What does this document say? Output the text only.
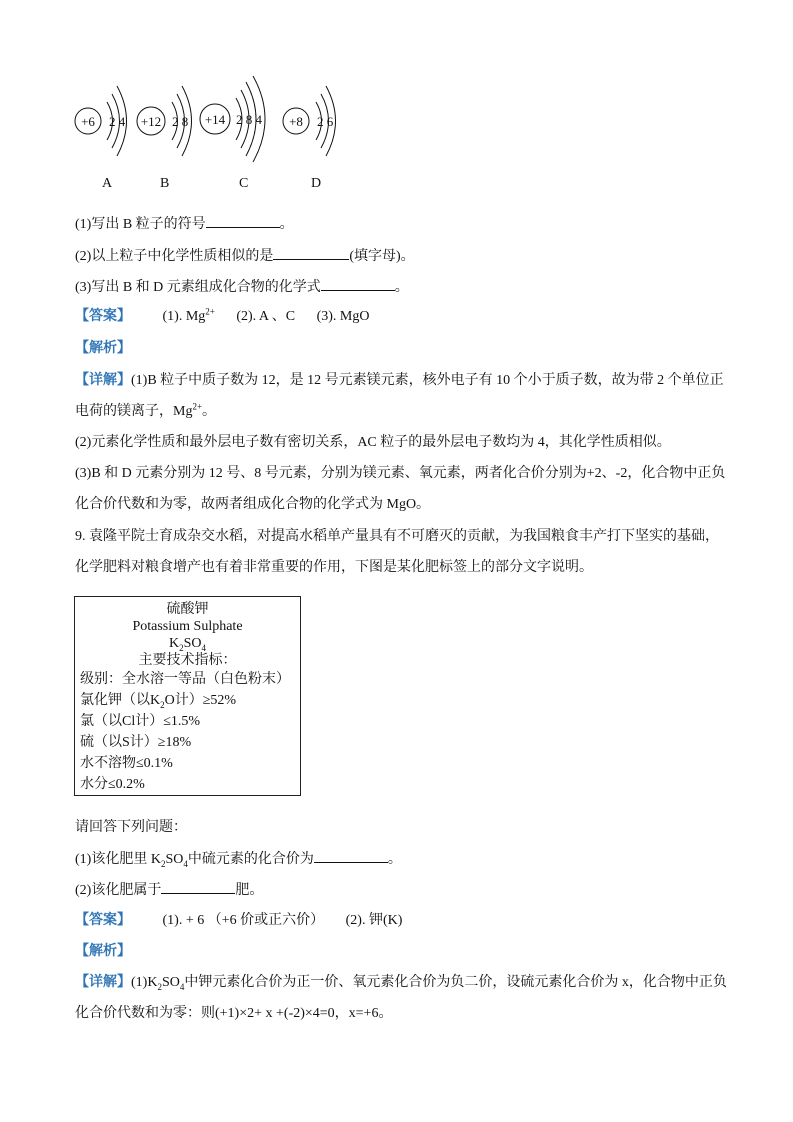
+6 2 4 +12 2 8 +14 2 8 4 +8 2 6
A	B	C	D
(1)写出 B 粒子的符号	。
(2)以上粒子中化学性质相似的是	(填字母)。
(3)写出 B 和 D 元素组成化合物的化学式	。
【答案】 (1). $Mg^{2+}$ (2). A 、C (3). MgO
【解析】
【详解】(1)B 粒子中质子数为 12，是 12 号元素镁元素，核外电子有 10 个小于质子数，故为带 2 个单位正
电荷的镁离子，$Mg^{2+}$。
(2)元素化学性质和最外层电子数有密切关系，AC 粒子的最外层电子数均为 4，其化学性质相似。
(3)B 和 D 元素分别为 12 号、8 号元素，分别为镁元素、氧元素，两者化合价分别为+2、-2，化合物中正负
化合价代数和为零，故两者组成化合物的化学式为 MgO。
9. 袁隆平院士育成杂交水稻，对提高水稻单产量具有不可磨灭的贡献，为我国粮食丰产打下坚实的基础，
化学肥料对粮食增产也有着非常重要的作用，下图是某化肥标签上的部分文字说明。
硫酸钾
Potassium Sulphate
$K_2SO_4$
主要技术指标：
级别：全水溶一等品（白色粉末）
氯化钾（以$K_2O$计）≥52%
氯（以Cl计）≤1.5%
硫（以S计）≥18%
水不溶物≤0.1%
水分≤0.2%
请回答下列问题：
(1)该化肥里 $K_2SO_4$中硫元素的化合价为	。
(2)该化肥属于	肥。
【答案】 (1). + 6 （+6 价或正六价） (2). 钾(K)
【解析】
【详解】$(1)K_2SO_4$中钾元素化合价为正一价、氧元素化合价为负二价，设硫元素化合价为 x，化合物中正负
化合价代数和为零：则(+1)×2+ x +(-2)×4=0，x=+6。
